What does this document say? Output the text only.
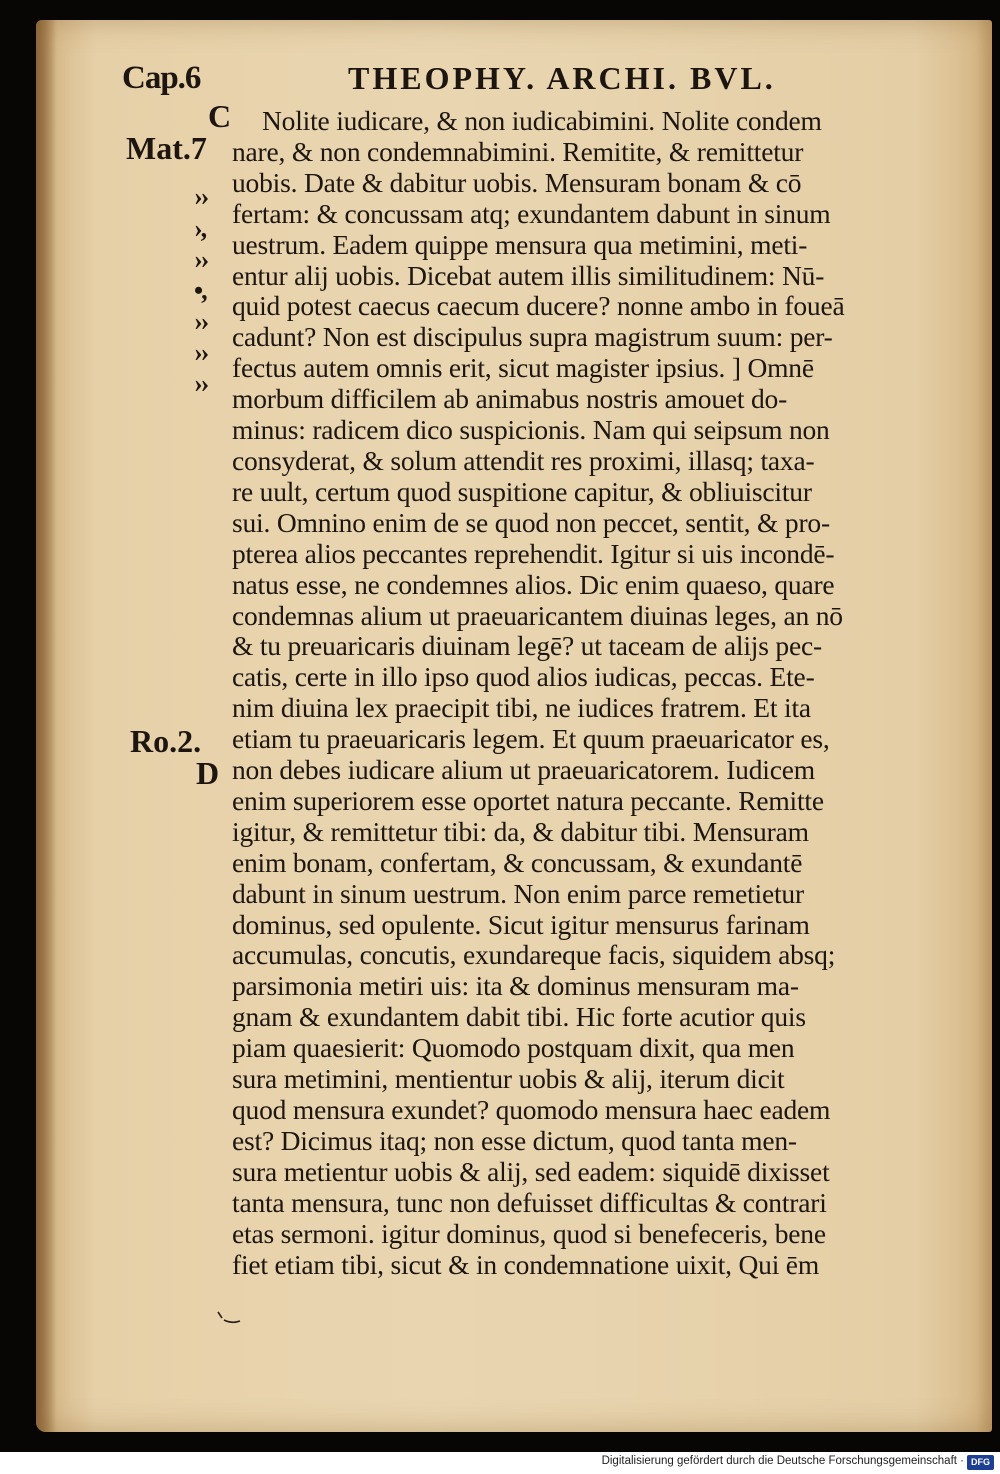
Cap.6	THEOPHY. ARCHI. BVL.
C
Mat.7
Ro.2.
D
››
›,
››
•,
››
››
››
Nolite iudicare, & non iudicabimini. Nolite condem
nare, & non condemnabimini. Remitite, & remittetur
uobis. Date & dabitur uobis. Mensuram bonam & cō
fertam: & concussam atq; exundantem dabunt in sinum
uestrum. Eadem quippe mensura qua metimini, meti-
entur alij uobis. Dicebat autem illis similitudinem: Nū-
quid potest caecus caecum ducere? nonne ambo in foueā
cadunt? Non est discipulus supra magistrum suum: per-
fectus autem omnis erit, sicut magister ipsius. ] Omnē
morbum difficilem ab animabus nostris amouet do-
minus: radicem dico suspicionis. Nam qui seipsum non
consyderat, & solum attendit res proximi, illasq; taxa-
re uult, certum quod suspitione capitur, & obliuiscitur
sui. Omnino enim de se quod non peccet, sentit, & pro-
pterea alios peccantes reprehendit. Igitur si uis incondē-
natus esse, ne condemnes alios. Dic enim quaeso, quare
condemnas alium ut praeuaricantem diuinas leges, an nō
& tu preuaricaris diuinam legē? ut taceam de alijs pec-
catis, certe in illo ipso quod alios iudicas, peccas. Ete-
nim diuina lex praecipit tibi, ne iudices fratrem. Et ita
etiam tu praeuaricaris legem. Et quum praeuaricator es,
non debes iudicare alium ut praeuaricatorem. Iudicem
enim superiorem esse oportet natura peccante. Remitte
igitur, & remittetur tibi: da, & dabitur tibi. Mensuram
enim bonam, confertam, & concussam, & exundantē
dabunt in sinum uestrum. Non enim parce remetietur
dominus, sed opulente. Sicut igitur mensurus farinam
accumulas, concutis, exundareque facis, siquidem absq;
parsimonia metiri uis: ita & dominus mensuram ma-
gnam & exundantem dabit tibi. Hic forte acutior quis
piam quaesierit: Quomodo postquam dixit, qua men
sura metimini, mentientur uobis & alij, iterum dicit
quod mensura exundet? quomodo mensura haec eadem
est? Dicimus itaq; non esse dictum, quod tanta men-
sura metientur uobis & alij, sed eadem: siquidē dixisset
tanta mensura, tunc non defuisset difficultas & contrari
etas sermoni. igitur dominus, quod si benefeceris, bene
fiet etiam tibi, sicut & in condemnatione uixit, Qui ēm
Digitalisierung gefördert durch die Deutsche Forschungsgemeinschaft · DFG
